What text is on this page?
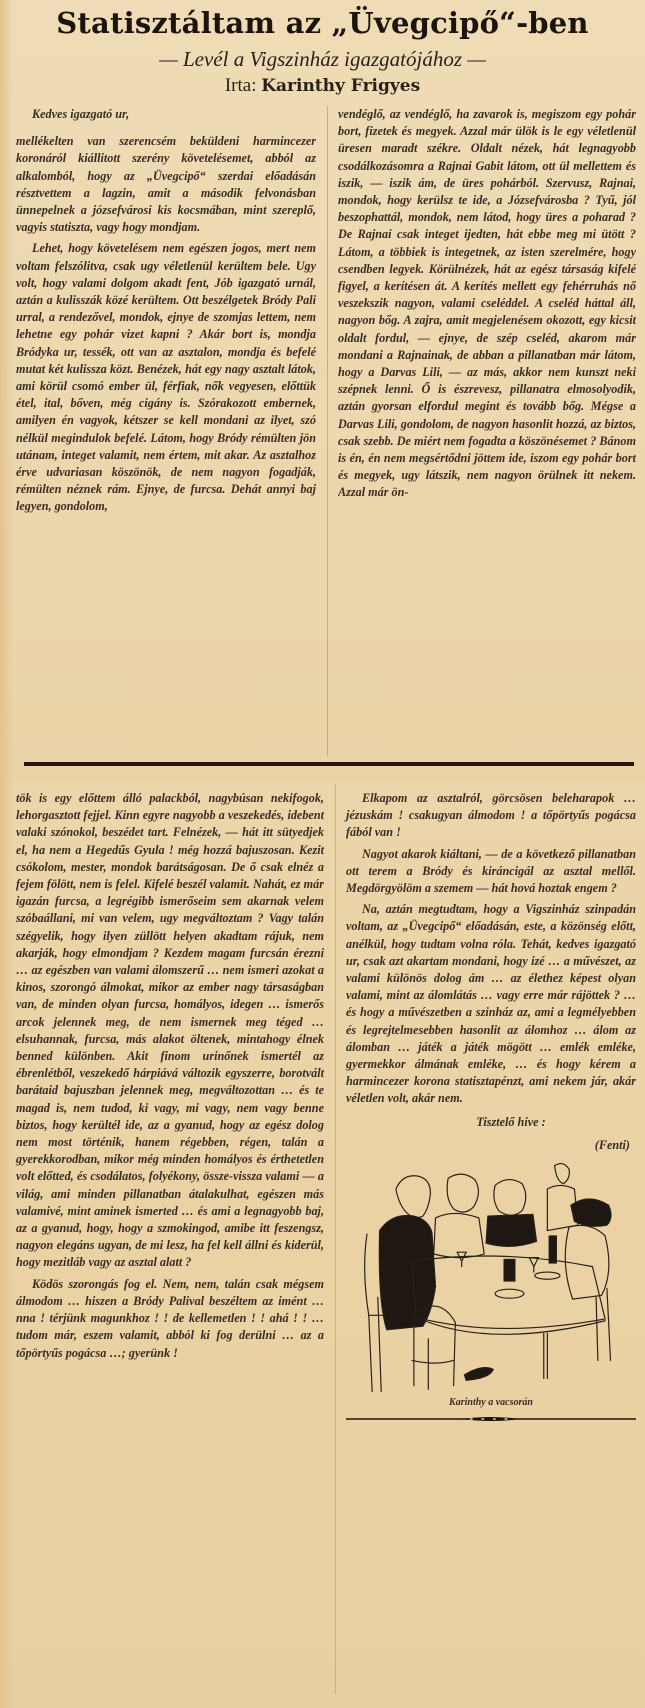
Statisztáltam az „Üvegcipő“-ben
— Levél a Vigszinház igazgatójához —
Irta: Karinthy Frigyes

Kedves igazgató ur,

mellékelten van szerencsém beküldeni harmincezer koronáról kiállitott szerény követelésemet, abból az alkalomból, hogy az „Üvegcipő“ szerdai előadásán résztvettem a lagzin, amit a második felvonásban ünnepelnek a józsefvárosi kis kocsmában, mint szereplő, vagyis statiszta, vagy hogy mondjam.

Lehet, hogy követelésem nem egészen jogos, mert nem voltam felszólitva, csak ugy véletlenül kerültem bele. Ugy volt, hogy valami dolgom akadt fent, Jób igazgató urnál, aztán a kulisszák közé kerültem. Ott beszélgetek Bródy Pali urral, a rendezővel, mondok, ejnye de szomjas lettem, nem lehetne egy pohár vizet kapni ? Akár bort is, mondja Bródyka ur, tessék, ott van az asztalon, mondja és befelé mutat két kulissza közt. Benézek, hát egy nagy asztalt látok, ami körül csomó ember ül, férfiak, nők vegyesen, előttük étel, ital, bőven, még cigány is. Szórakozott embernek, amilyen én vagyok, kétszer se kell mondani az ilyet, szó nélkül megindulok befelé. Látom, hogy Bródy rémülten jön utánam, integet valamit, nem értem, mit akar. Az asztalhoz érve udvariasan köszönök, de nem nagyon fogadják, rémülten néznek rám. Ejnye, de furcsa. Dehát annyi baj legyen, gondolom,

vendéglő, az vendéglő, ha zavarok is, megiszom egy pohár bort, fizetek és megyek. Azzal már ülök is le egy véletlenül üresen maradt székre. Oldalt nézek, hát legnagyobb csodálkozásomra a Rajnai Gabit látom, ott ül mellettem és iszik, — iszik ám, de üres pohárból. Szervusz, Rajnai, mondok, hogy kerülsz te ide, a Józsefvárosba ? Tyű, jól beszophattál, mondok, nem látod, hogy üres a poharad ? De Rajnai csak integet ijedten, hát ebbe meg mi ütött ? Látom, a többiek is integetnek, az isten szerelmére, hogy csendben legyek. Körülnézek, hát az egész társaság kifelé figyel, a kerítésen át. A kerítés mellett egy fehérruhás nő veszekszik nagyon, valami cseléddel. A cseléd háttal áll, nagyon bőg. A zajra, amit megjelenésem okozott, egy kicsit oldalt fordul, — ejnye, de szép cseléd, akarom már mondani a Rajnainak, de abban a pillanatban már látom, hogy a Darvas Lili, — az más, akkor nem kunszt neki szépnek lenni. Ő is észrevesz, pillanatra elmosolyodik, aztán gyorsan elfordul megint és tovább bőg. Mégse a Darvas Lili, gondolom, de nagyon hasonlit hozzá, az biztos, csak szebb. De miért nem fogadta a köszönésemet ? Bánom is én, én nem megsértődni jöttem ide, iszom egy pohár bort és megyek, ugy látszik, nem nagyon örülnek itt nekem. Azzal már ön-

tök is egy előttem álló palackból, nagybúsan nekifogok, lehorgasztott fejjel. Kinn egyre nagyobb a veszekedés, idebent valaki szónokol, beszédet tart. Felnézek, — hát itt sütyedjek el, ha nem a Hegedűs Gyula ! még hozzá bajuszosan. Kezit csókolom, mester, mondok barátságosan. De ő csak elnéz a fejem fölött, nem is felel. Kifelé beszél valamit. Nahát, ez már igazán furcsa, a legrégibb ismerőseim sem akarnak velem szóbaállani, mi van velem, ugy megváltoztam ? Vagy talán szégyelik, hogy ilyen züllött helyen akadtam rájuk, nem akarják, hogy elmondjam ? Kezdem magam furcsán érezni … az egészben van valami álomszerű … nem ismeri azokat a kinos, szorongó álmokat, mikor az ember nagy társaságban van, de minden olyan furcsa, homályos, idegen … ismerős arcok jelennek meg, de nem ismernek meg téged … elsuhannak, furcsa, más alakot öltenek, mintahogy élnek benned különben. Akit finom urinőnek ismertél az ébrenlétből, veszekedő hárpiává változik egyszerre, borotvált barátaid bajuszban jelennek meg, megváltozottan … és te magad is, nem tudod, ki vagy, mi vagy, nem vagy benne biztos, hogy kerültél ide, az a gyanud, hogy az egész dolog nem most történik, hanem régebben, régen, talán a gyerekkorodban, mikor még minden homályos és érthetetlen volt előtted, és csodálatos, folyékony, össze-vissza valami — a világ, ami minden pillanatban átalakulhat, egészen más valamivé, mint aminek ismerted … és ami a legnagyobb baj, az a gyanud, hogy, hogy a szmokingod, amibe itt feszengsz, nagyon elegáns ugyan, de mi lesz, ha fel kell állni és kiderül, hogy mezitláb vagy az asztal alatt ?

Ködös szorongás fog el. Nem, nem, talán csak mégsem álmodom … hiszen a Bródy Palival beszéltem az imént … nna ! térjünk magunkhoz ! ! de kellemetlen ! ! ahá ! ! … tudom már, eszem valamit, abból ki fog derülni … az a tőpörtyűs pogácsa …; gyerünk !

Elkapom az asztalról, görcsösen beleharapok … jézuskám ! csakugyan álmodom ! a tőpörtyűs pogácsa fából van !

Nagyot akarok kiáltani, — de a következő pillanatban ott terem a Bródy és kiráncigál az asztal mellől. Megdörgyölöm a szemem — hát hová hoztak engem ?

Na, aztán megtudtam, hogy a Vigszinház szinpadán voltam, az „Üvegcipő“ előadásán, este, a közönség előtt, anélkül, hogy tudtam volna róla. Tehát, kedves igazgató ur, csak azt akartam mondani, hogy izé … a művészet, az valami különös dolog ám … az élethez képest olyan valami, mint az álomlátás … vagy erre már rájöttek ? … és hogy a művészetben a szinház az, ami a legmélyebben és legrejtelmesebben hasonlit az álomhoz … álom az álomban … játék a játék mögött … emlék emléke, gyermekkor álmának emléke, … és hogy kérem a harmincezer korona statisztapénzt, ami nekem jár, akár véletlen volt, akár nem.

Tisztelő hive :
(Fenti)
Karinthy a vacsorán
